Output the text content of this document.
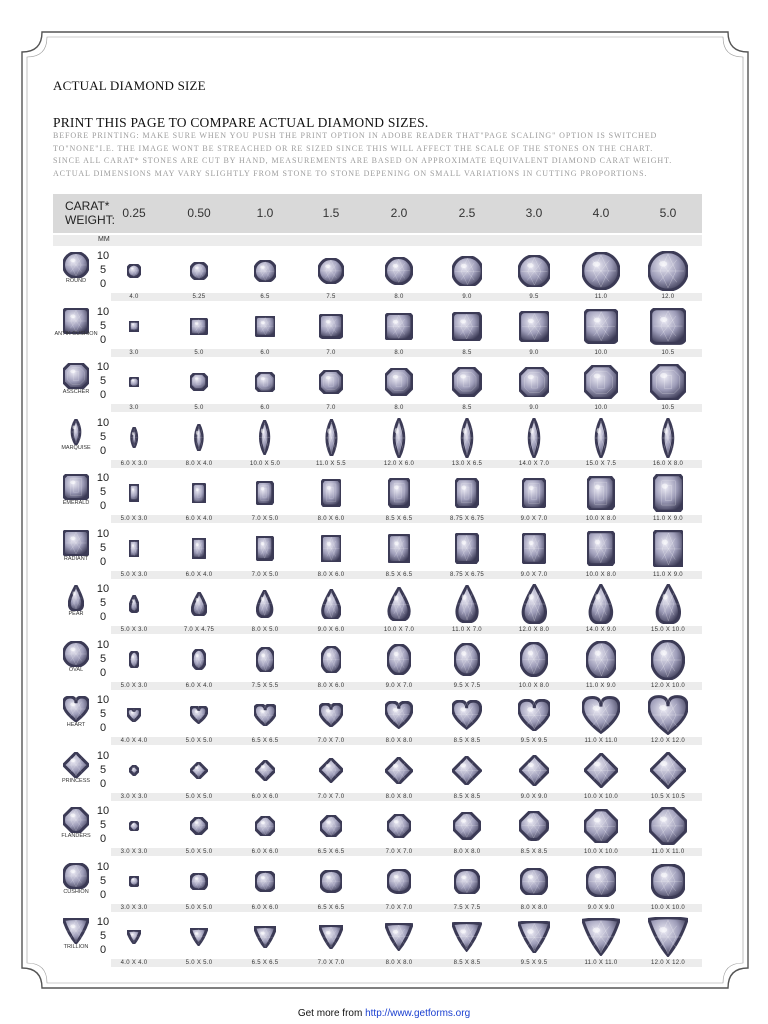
ACTUAL DIAMOND SIZE
PRINT THIS PAGE TO COMPARE ACTUAL DIAMOND SIZES.
BEFORE PRINTING: MAKE SURE WHEN YOU PUSH THE PRINT OPTION IN ADOBE READER THAT"PAGE SCALING" OPTION IS SWITCHED
TO"NONE"I.E. THE IMAGE WONT BE STREACHED OR RE SIZED SINCE THIS WILL AFFECT THE SCALE OF THE STONES ON THE CHART.
SINCE ALL CARAT* STONES ARE CUT BY HAND, MEASUREMENTS ARE BASED ON APPROXIMATE EQUIVALENT DIAMOND CARAT WEIGHT.
ACTUAL DIMENSIONS MAY VARY SLIGHTLY FROM STONE TO STONE DEPENING ON SMALL VARIATIONS IN CUTTING PROPORTIONS.
CARAT*
WEIGHT: 0.25	0.50	1.0	1.5	2.0	2.5	3.0	4.0	5.0
MM
ROUND
10
5
0
4.0	5.25	6.5	7.5	8.0	9.0	9.5	11.0	12.0
ANTIK CUSHION
10
5
0
3.0	5.0	6.0	7.0	8.0	8.5	9.0	10.0	10.5
ASSCHER
10
5
0
3.0	5.0	6.0	7.0	8.0	8.5	9.0	10.0	10.5
MARQUISE
10
5
0
6.0 X 3.0	8.0 X 4.0	10.0 X 5.0	11.0 X 5.5	12.0 X 6.0	13.0 X 6.5	14.0 X 7.0	15.0 X 7.5	16.0 X 8.0
EMERALD
10
5
0
5.0 X 3.0	6.0 X 4.0	7.0 X 5.0	8.0 X 6.0	8.5 X 6.5	8.75 X 6.75	9.0 X 7.0	10.0 X 8.0	11.0 X 9.0
RADIANT
10
5
0
5.0 X 3.0	6.0 X 4.0	7.0 X 5.0	8.0 X 6.0	8.5 X 6.5	8.75 X 6.75	9.0 X 7.0	10.0 X 8.0	11.0 X 9.0
PEAR
10
5
0
5.0 X 3.0	7.0 X 4.75	8.0 X 5.0	9.0 X 6.0	10.0 X 7.0	11.0 X 7.0	12.0 X 8.0	14.0 X 9.0	15.0 X 10.0
OVAL
10
5
0
5.0 X 3.0	6.0 X 4.0	7.5 X 5.5	8.0 X 6.0	9.0 X 7.0	9.5 X 7.5	10.0 X 8.0	11.0 X 9.0	12.0 X 10.0
HEART
10
5
0
4.0 X 4.0	5.0 X 5.0	6.5 X 6.5	7.0 X 7.0	8.0 X 8.0	8.5 X 8.5	9.5 X 9.5	11.0 X 11.0	12.0 X 12.0
PRINCESS
10
5
0
3.0 X 3.0	5.0 X 5.0	6.0 X 6.0	7.0 X 7.0	8.0 X 8.0	8.5 X 8.5	9.0 X 9.0	10.0 X 10.0	10.5 X 10.5
FLANDERS
10
5
0
3.0 X 3.0	5.0 X 5.0	6.0 X 6.0	6.5 X 6.5	7.0 X 7.0	8.0 X 8.0	8.5 X 8.5	10.0 X 10.0	11.0 X 11.0
CUSHION
10
5
0
3.0 X 3.0	5.0 X 5.0	6.0 X 6.0	6.5 X 6.5	7.0 X 7.0	7.5 X 7.5	8.0 X 8.0	9.0 X 9.0	10.0 X 10.0
TRILLION
10
5
0
4.0 X 4.0	5.0 X 5.0	6.5 X 6.5	7.0 X 7.0	8.0 X 8.0	8.5 X 8.5	9.5 X 9.5	11.0 X 11.0	12.0 X 12.0
Get more from http://www.getforms.org
